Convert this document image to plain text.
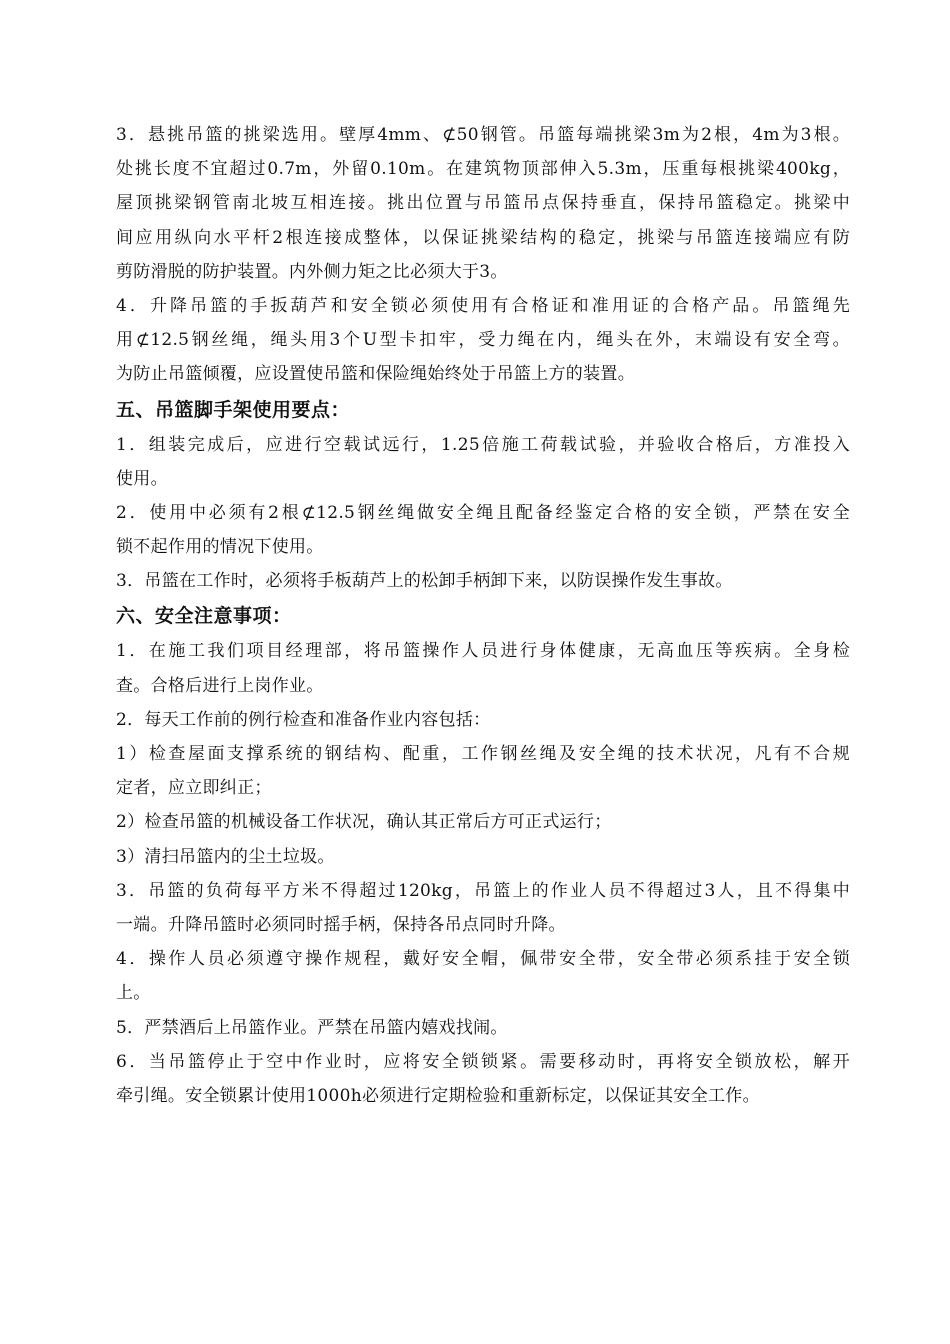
3．悬挑吊篮的挑梁选用。壁厚4mm、⊄50钢管。吊篮每端挑梁3m为2根，4m为3根。
处挑长度不宜超过0.7m，外留0.10m。在建筑物顶部伸入5.3m，压重每根挑梁400kg，
屋顶挑梁钢管南北坡互相连接。挑出位置与吊篮吊点保持垂直，保持吊篮稳定。挑梁中
间应用纵向水平杆2根连接成整体，以保证挑梁结构的稳定，挑梁与吊篮连接端应有防
剪防滑脱的防护装置。内外侧力矩之比必须大于3。
4．升降吊篮的手扳葫芦和安全锁必须使用有合格证和准用证的合格产品。吊篮绳先
用⊄12.5钢丝绳，绳头用3个U型卡扣牢，受力绳在内，绳头在外，末端设有安全弯。
为防止吊篮倾覆，应设置使吊篮和保险绳始终处于吊篮上方的装置。
五、吊篮脚手架使用要点：
1．组装完成后，应进行空载试远行，1.25倍施工荷载试验，并验收合格后，方准投入
使用。
2．使用中必须有2根⊄12.5钢丝绳做安全绳且配备经鉴定合格的安全锁，严禁在安全
锁不起作用的情况下使用。
3．吊篮在工作时，必须将手板葫芦上的松卸手柄卸下来，以防误操作发生事故。
六、安全注意事项：
1．在施工我们项目经理部，将吊篮操作人员进行身体健康，无高血压等疾病。全身检
查。合格后进行上岗作业。
2．每天工作前的例行检查和准备作业内容包括：
1）检查屋面支撑系统的钢结构、配重，工作钢丝绳及安全绳的技术状况，凡有不合规
定者，应立即纠正；
2）检查吊篮的机械设备工作状况，确认其正常后方可正式运行；
3）清扫吊篮内的尘土垃圾。
3．吊篮的负荷每平方米不得超过120kg，吊篮上的作业人员不得超过3人，且不得集中
一端。升降吊篮时必须同时摇手柄，保持各吊点同时升降。
4．操作人员必须遵守操作规程，戴好安全帽，佩带安全带，安全带必须系挂于安全锁
上。
5．严禁酒后上吊篮作业。严禁在吊篮内嬉戏找闹。
6．当吊篮停止于空中作业时，应将安全锁锁紧。需要移动时，再将安全锁放松，解开
牵引绳。安全锁累计使用1000h必须进行定期检验和重新标定，以保证其安全工作。
